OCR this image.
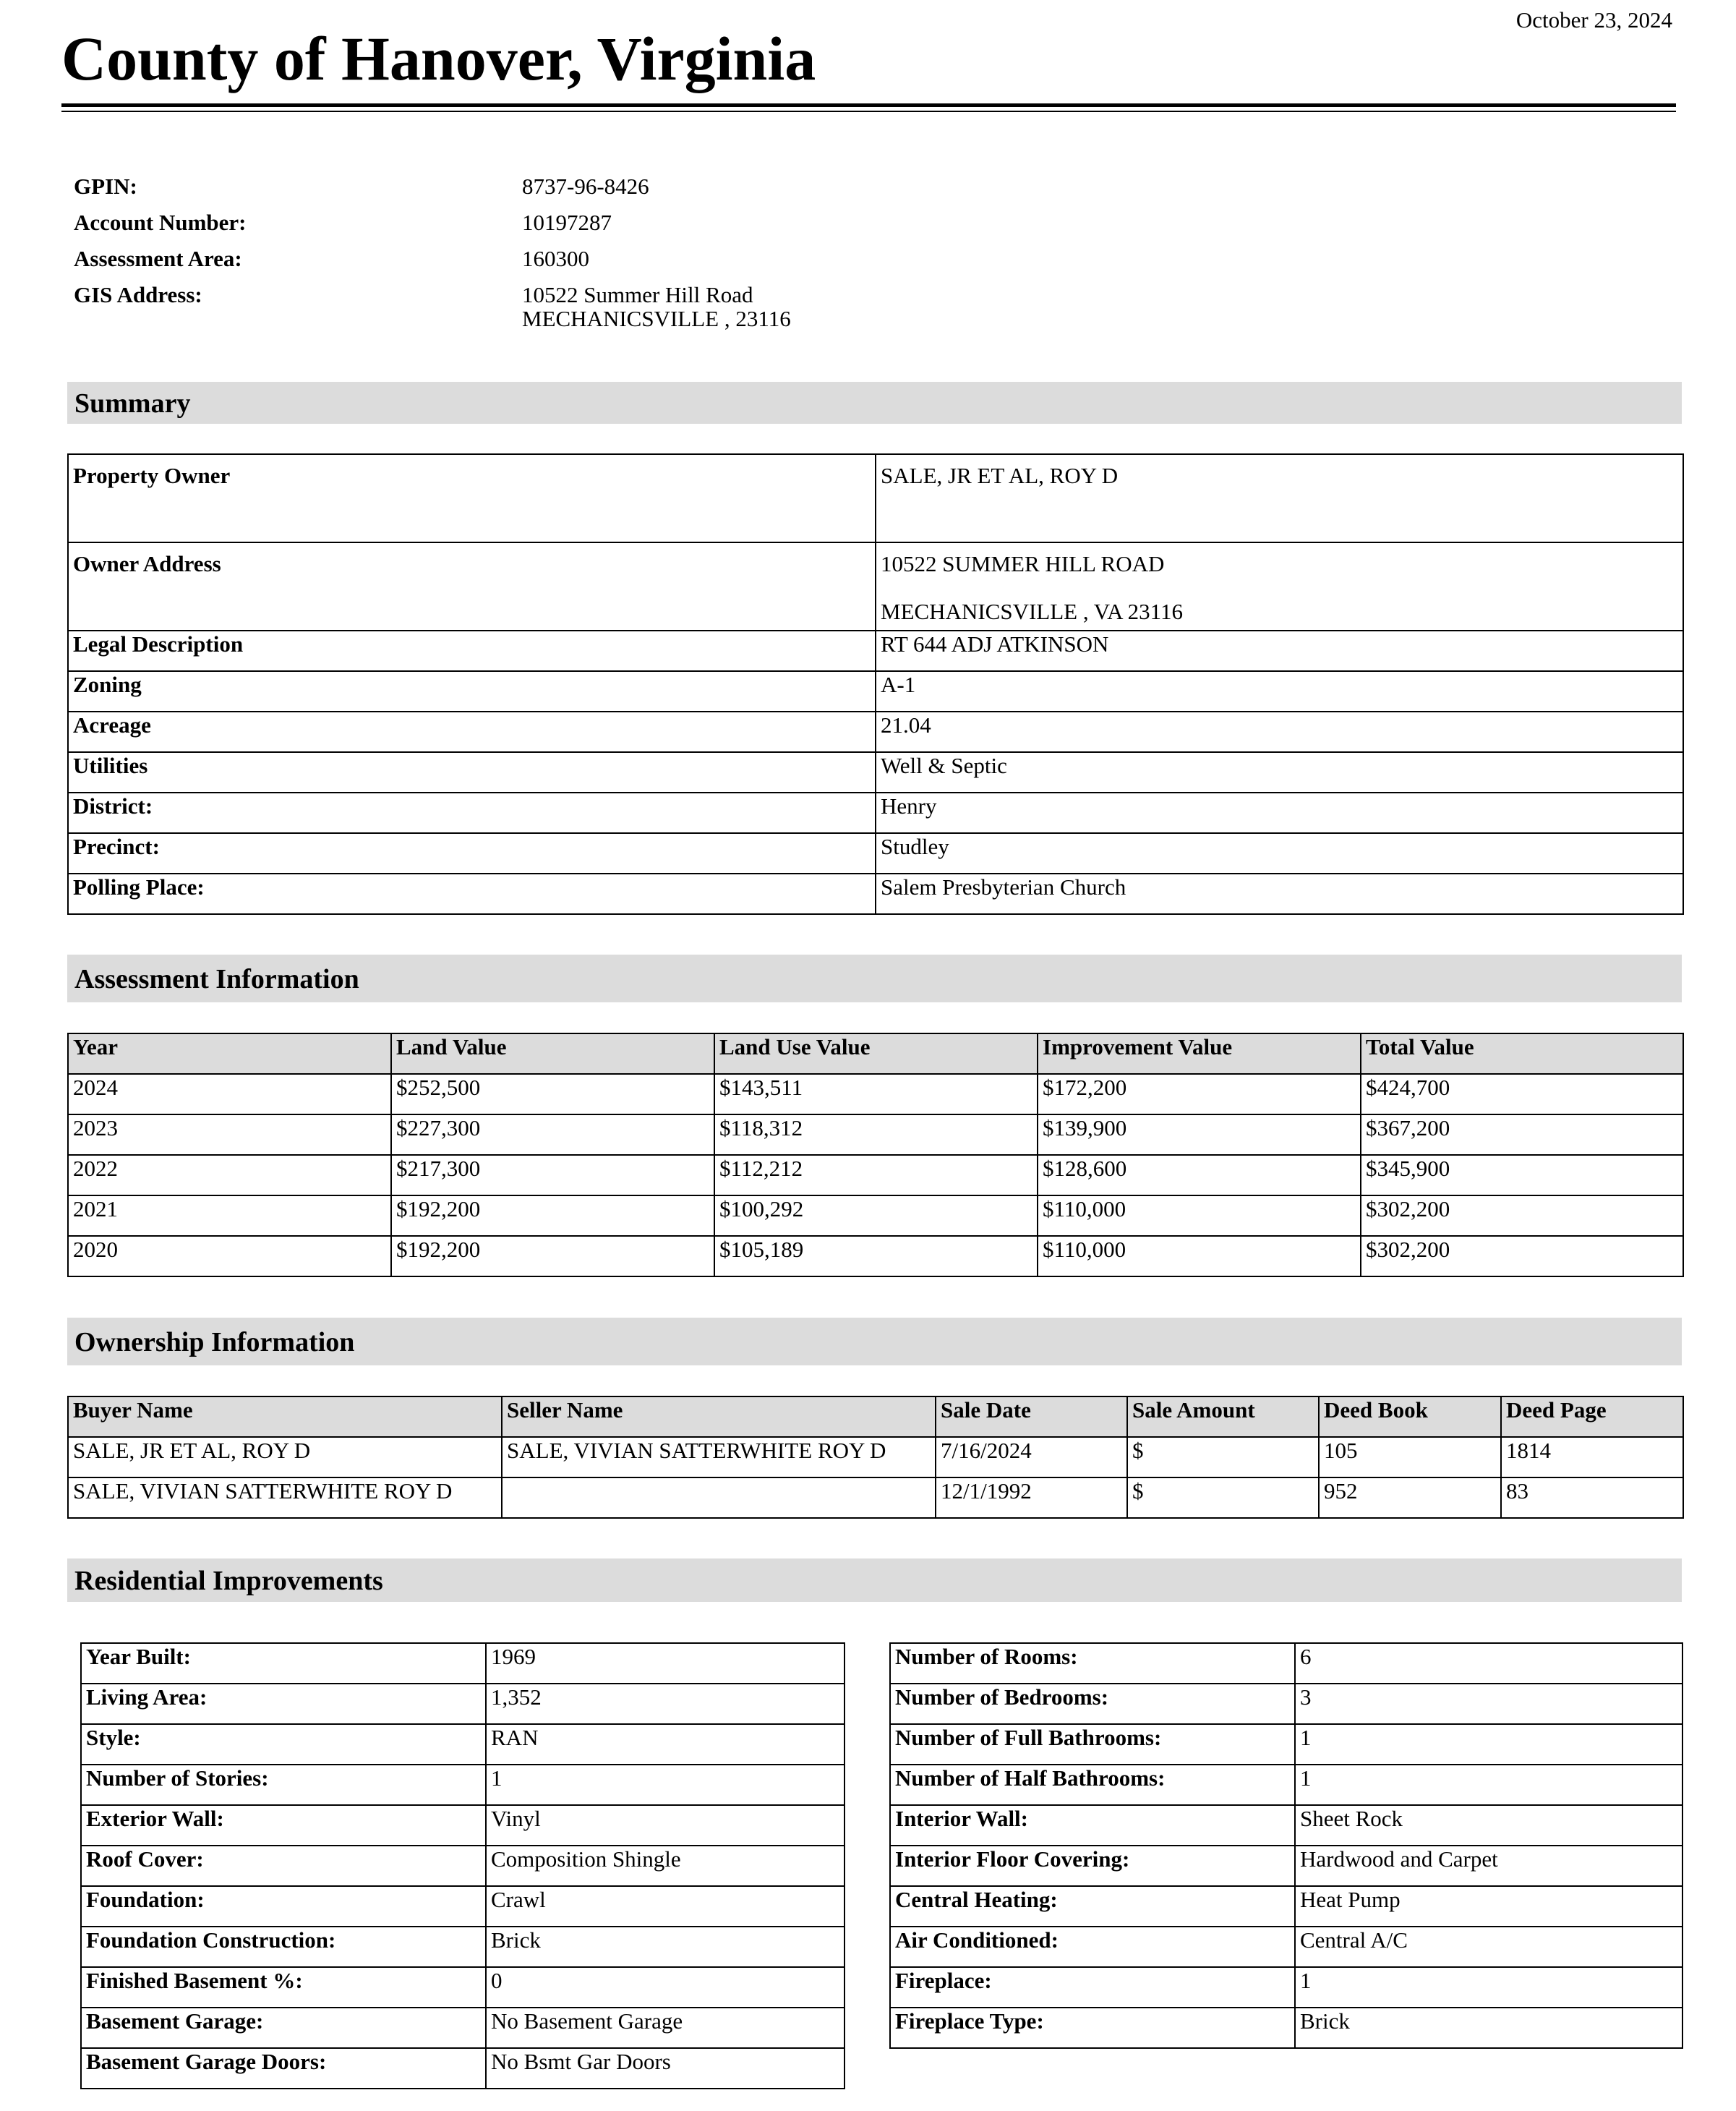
October 23, 2024
County of Hanover, Virginia
GPIN:	8737-96-8426
Account Number:	10197287
Assessment Area:	160300
GIS Address:	10522 Summer Hill Road
MECHANICSVILLE , 23116
Summary
Property Owner	SALE, JR ET AL, ROY D
Owner Address	10522 SUMMER HILL ROAD
MECHANICSVILLE , VA 23116

Legal Description	RT 644 ADJ ATKINSON
Zoning	A-1
Acreage	21.04
Utilities	Well & Septic
District:	Henry
Precinct:	Studley
Polling Place:	Salem Presbyterian Church
Assessment Information
Year	Land Value	Land Use Value	Improvement Value	Total Value
2024	$252,500	$143,511	$172,200	$424,700
2023	$227,300	$118,312	$139,900	$367,200
2022	$217,300	$112,212	$128,600	$345,900
2021	$192,200	$100,292	$110,000	$302,200
2020	$192,200	$105,189	$110,000	$302,200
Ownership Information
Buyer Name	Seller Name	Sale Date	Sale Amount	Deed Book	Deed Page
SALE, JR ET AL, ROY D	SALE, VIVIAN SATTERWHITE ROY D	7/16/2024	$	105	1814
SALE, VIVIAN SATTERWHITE ROY D		12/1/1992	$	952	83
Residential Improvements
Year Built:	1969
Living Area:	1,352
Style:	RAN
Number of Stories:	1
Exterior Wall:	Vinyl
Roof Cover:	Composition Shingle
Foundation:	Crawl
Foundation Construction:	Brick
Finished Basement %:	0
Basement Garage:	No Basement Garage
Basement Garage Doors:	No Bsmt Gar Doors
Number of Rooms:	6
Number of Bedrooms:	3
Number of Full Bathrooms:	1
Number of Half Bathrooms:	1
Interior Wall:	Sheet Rock
Interior Floor Covering:	Hardwood and Carpet
Central Heating:	Heat Pump
Air Conditioned:	Central A/C
Fireplace:	1
Fireplace Type:	Brick
